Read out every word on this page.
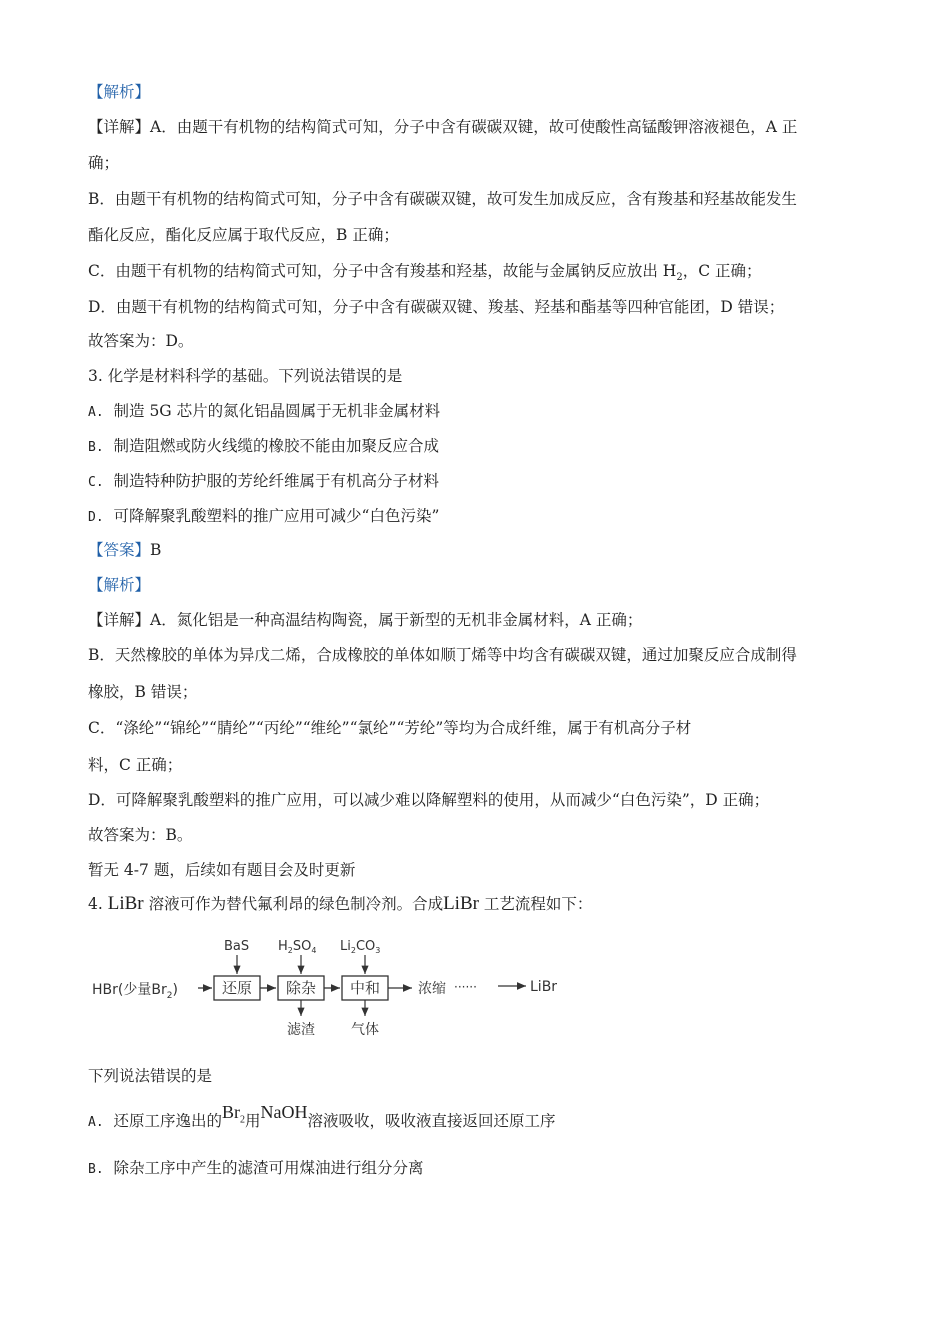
【解析】
【详解】A．由题干有机物的结构简式可知，分子中含有碳碳双键，故可使酸性高锰酸钾溶液褪色，A 正
确；
B．由题干有机物的结构简式可知，分子中含有碳碳双键，故可发生加成反应，含有羧基和羟基故能发生
酯化反应，酯化反应属于取代反应，B 正确；
C．由题干有机物的结构简式可知，分子中含有羧基和羟基，故能与金属钠反应放出 $H_2$，C 正确；
D．由题干有机物的结构简式可知，分子中含有碳碳双键、羧基、羟基和酯基等四种官能团，D 错误；
故答案为：D。
3. 化学是材料科学的基础。下列说法错误的是
A. 制造 5G 芯片的氮化铝晶圆属于无机非金属材料
B. 制造阻燃或防火线缆的橡胶不能由加聚反应合成
C. 制造特种防护服的芳纶纤维属于有机高分子材料
D. 可降解聚乳酸塑料的推广应用可减少“白色污染”
【答案】B
【解析】
【详解】A．氮化铝是一种高温结构陶瓷，属于新型的无机非金属材料，A 正确；
B．天然橡胶的单体为异戊二烯，合成橡胶的单体如顺丁烯等中均含有碳碳双键，通过加聚反应合成制得
橡胶，B 错误；
C．“涤纶”“锦纶”“腈纶”“丙纶”“维纶”“氯纶”“芳纶”等均为合成纤维，属于有机高分子材
料，C 正确；
D．可降解聚乳酸塑料的推广应用，可以减少难以降解塑料的使用，从而减少“白色污染”，D 正确；
故答案为：B。
暂无 4-7 题，后续如有题目会及时更新
4. LiBr 溶液可作为替代氟利昂的绿色制冷剂。合成LiBr 工艺流程如下：
HBr(少量$Br_2$)	还原 除杂 中和
BaS $H_2SO_4$ $Li_2CO_3$
滤渣	气体
浓缩 ······	LiBr
下列说法错误的是
A. 还原工序逸出的$Br_2$用NaOH溶液吸收，吸收液直接返回还原工序
B. 除杂工序中产生的滤渣可用煤油进行组分分离
